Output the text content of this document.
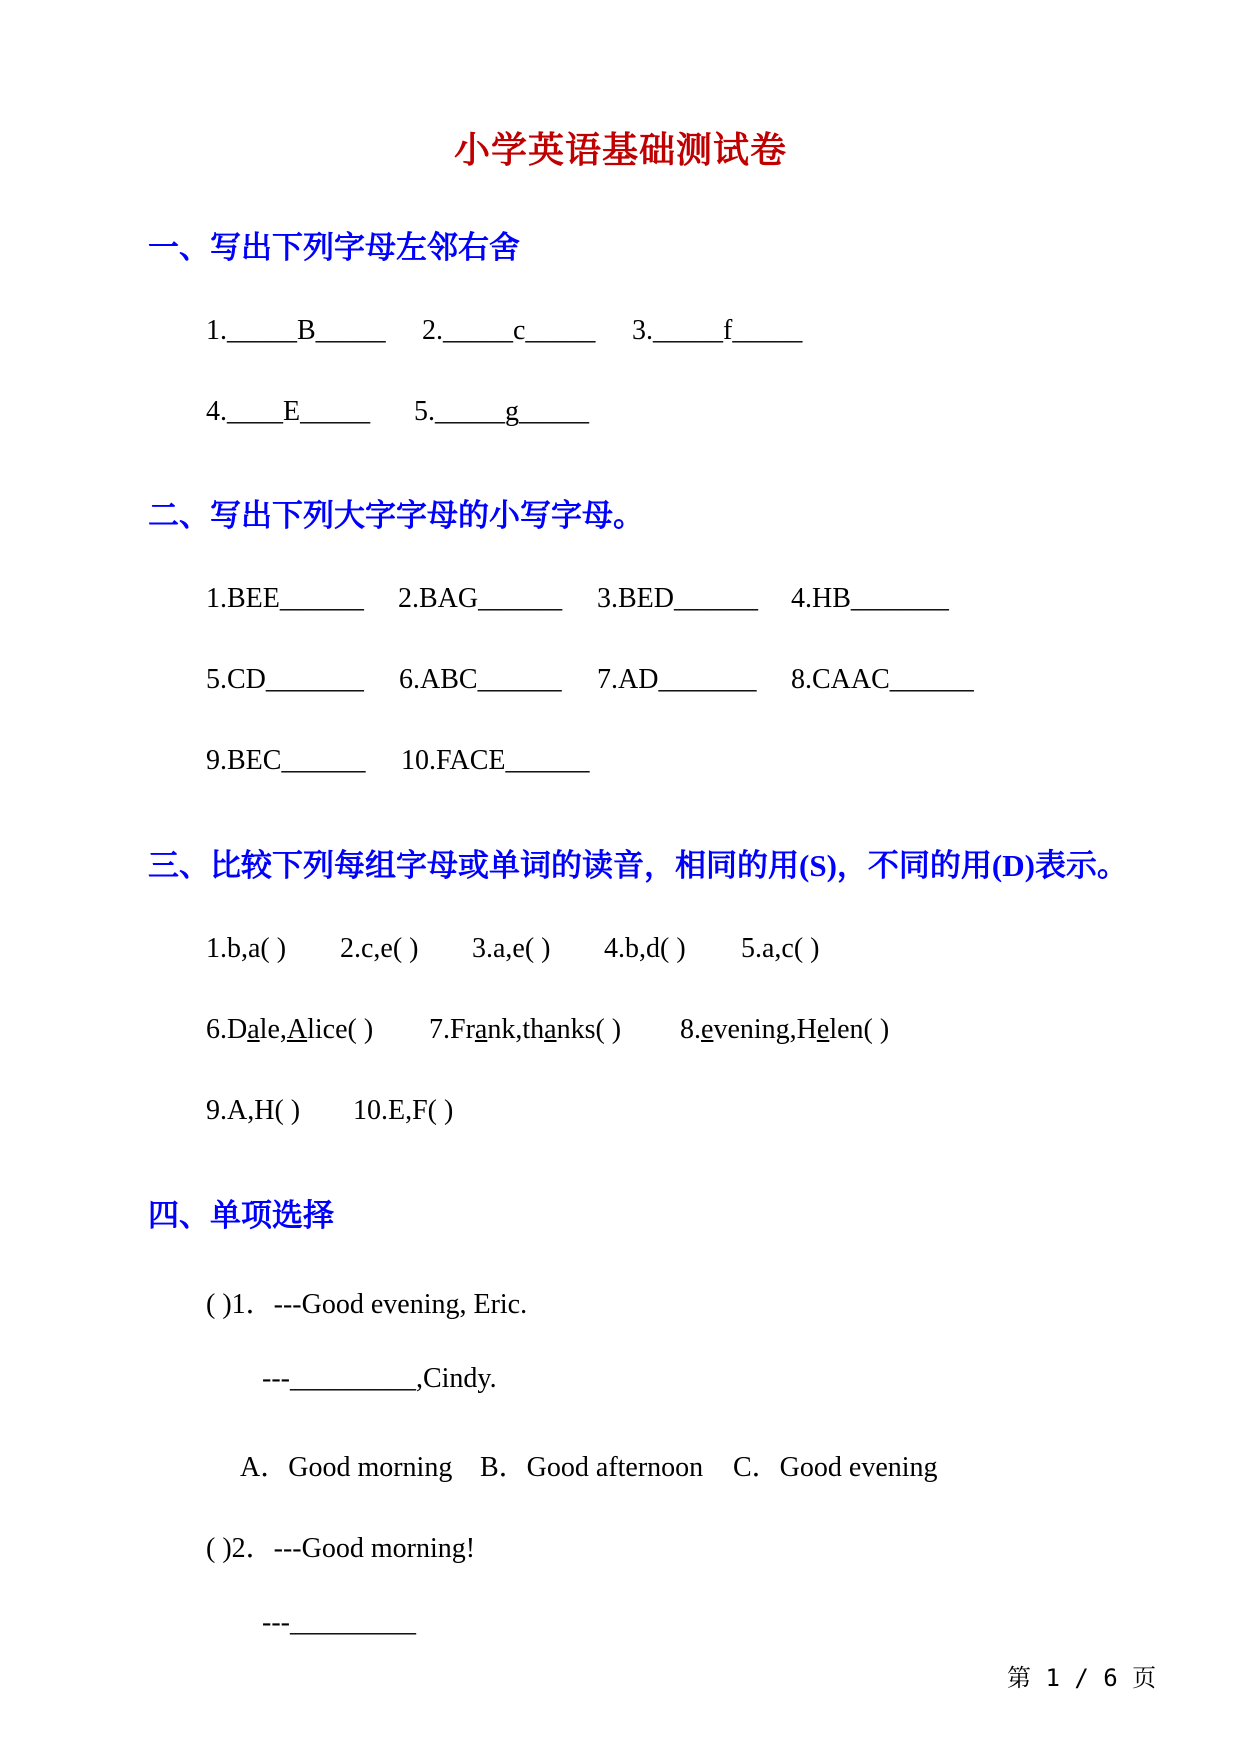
小学英语基础测试卷
一、写出下列字母左邻右舍
1._____B_____ 2._____c_____ 3._____f_____
4.____E_____ 5._____g_____
二、写出下列大字字母的小写字母。
1.BEE______ 2.BAG______ 3.BED______ 4.HB_______
5.CD_______ 6.ABC______ 7.AD_______ 8.CAAC______
9.BEC______ 10.FACE______
三、比较下列每组字母或单词的读音，相同的用(S)，不同的用(D)表示。
1.b,a( ) 2.c,e( ) 3.a,e( ) 4.b,d( ) 5.a,c( )
6.Dale,Alice( ) 7.Frank,thanks( ) 8.evening,Helen( )
9.A,H( ) 10.E,F( )
四、单项选择
( )1．---Good evening, Eric.
---_________,Cindy.
A．Good morning B．Good afternoon C．Good evening
( )2．---Good morning!
---_________
第 1 / 6 页
